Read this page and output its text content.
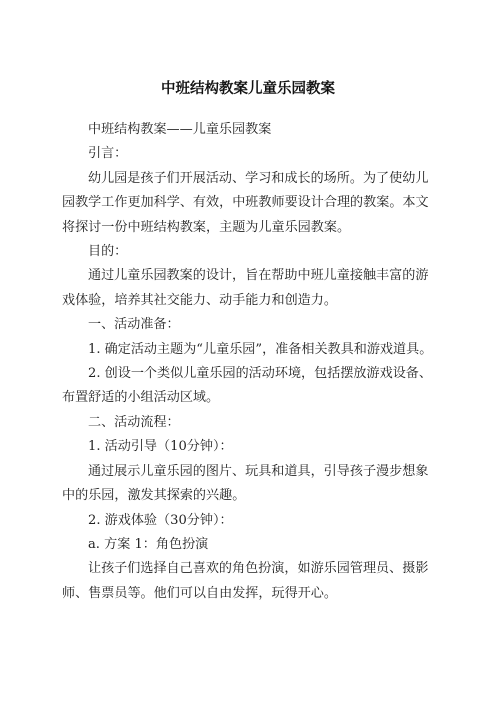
中班结构教案儿童乐园教案

中班结构教案——儿童乐园教案

引言：

幼儿园是孩子们开展活动、学习和成长的场所。为了使幼儿园教学工作更加科学、有效，中班教师要设计合理的教案。本文将探讨一份中班结构教案，主题为儿童乐园教案。

目的：

通过儿童乐园教案的设计，旨在帮助中班儿童接触丰富的游戏体验，培养其社交能力、动手能力和创造力。

一、活动准备：

1. 确定活动主题为“儿童乐园”，准备相关教具和游戏道具。

2. 创设一个类似儿童乐园的活动环境，包括摆放游戏设备、布置舒适的小组活动区域。

二、活动流程：

1. 活动引导（10分钟）：

通过展示儿童乐园的图片、玩具和道具，引导孩子漫步想象中的乐园，激发其探索的兴趣。

2. 游戏体验（30分钟）：

a. 方案 1：角色扮演

让孩子们选择自己喜欢的角色扮演，如游乐园管理员、摄影师、售票员等。他们可以自由发挥，玩得开心。
